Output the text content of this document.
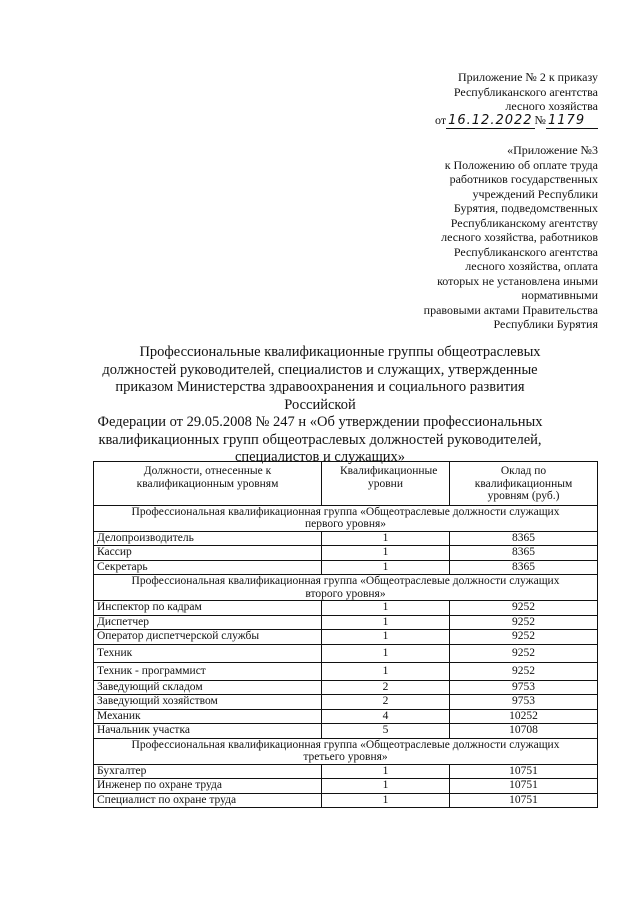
Приложение № 2 к приказу
Республиканского агентства
лесного хозяйства
от 16.12.2022 № 1179
«Приложение №3
к Положению об оплате труда
работников государственных
учреждений Республики
Бурятия, подведомственных
Республиканскому агентству
лесного хозяйства, работников
Республиканского агентства
лесного хозяйства, оплата
которых не установлена иными
нормативными
правовыми актами Правительства
Республики Бурятия
Профессиональные квалификационные группы общеотраслевых
должностей руководителей, специалистов и служащих, утвержденные
приказом Министерства здравоохранения и социального развития Российской
Федерации от 29.05.2008 № 247 н «Об утверждении профессиональных
квалификационных групп общеотраслевых должностей руководителей,
специалистов и служащих»
Должности, отнесенные к квалификационным уровням	Квалификационные уровни	Оклад по квалификационным уровням (руб.)
Профессиональная квалификационная группа «Общеотраслевые должности служащих первого уровня»		
Делопроизводитель	1	8365
Кассир	1	8365
Секретарь	1	8365
Профессиональная квалификационная группа «Общеотраслевые должности служащих второго уровня»		
Инспектор по кадрам	1	9252
Диспетчер	1	9252
Оператор диспетчерской службы	1	9252
Техник	1	9252
Техник - программист	1	9252
Заведующий складом	2	9753
Заведующий хозяйством	2	9753
Механик	4	10252
Начальник участка	5	10708
Профессиональная квалификационная группа «Общеотраслевые должности служащих третьего уровня»		
Бухгалтер	1	10751
Инженер по охране труда	1	10751
Специалист по охране труда	1	10751
